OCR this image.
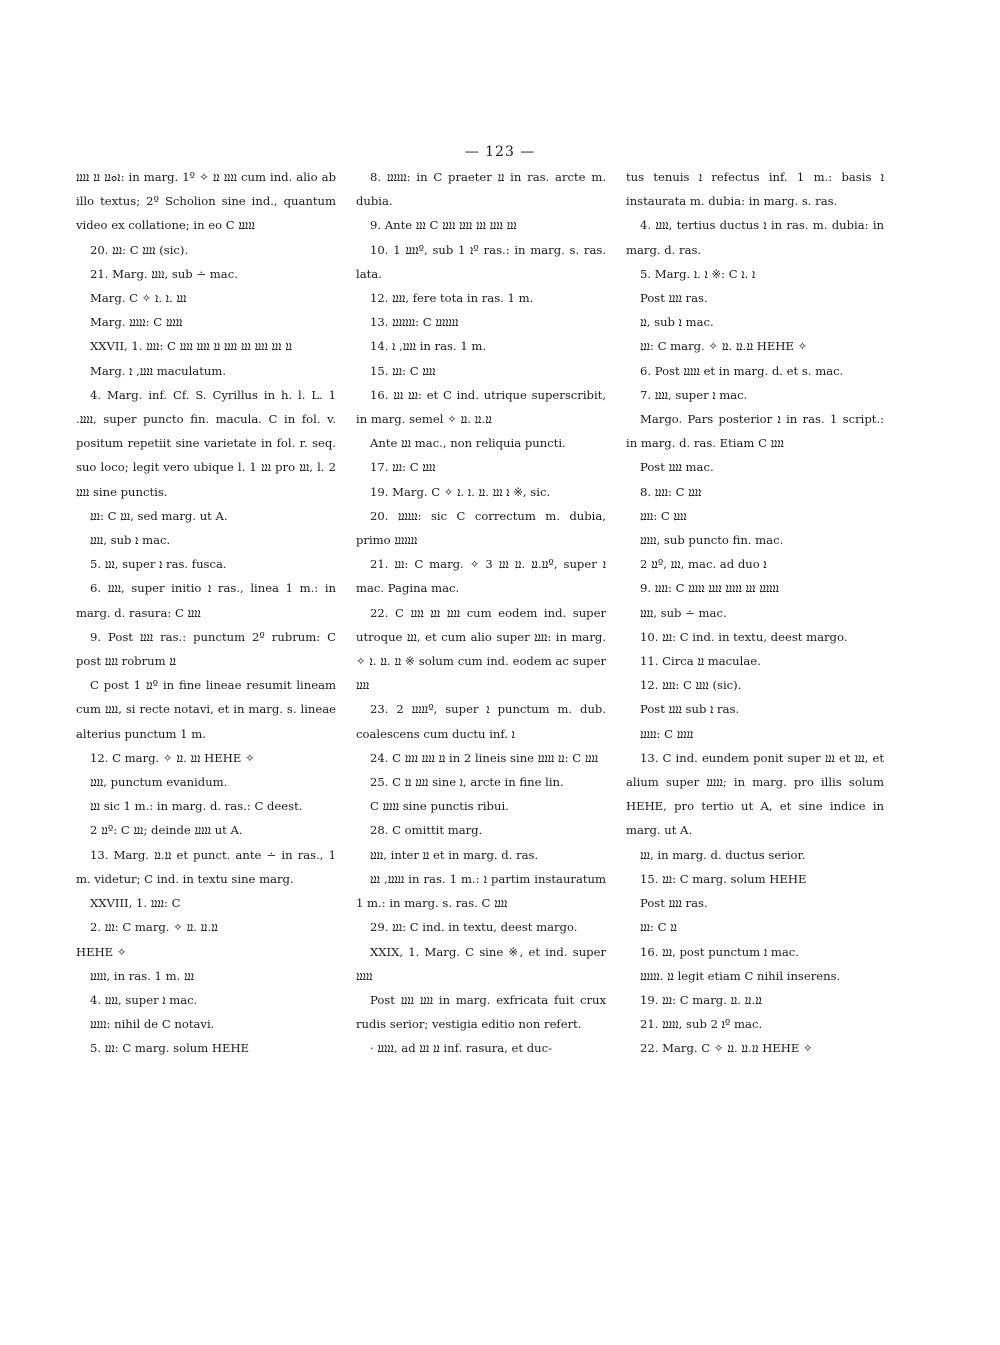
— 123 —

ܐܘܐܐ ܐܐ ܐܐܐܐ: in marg. 1º ✧ ܐܐܐܐ ܐܐ cum ind. alio ab illo textus; 2º Scholion sine ind., quantum video ex collatione; in eo C ܐܐܐܐܐ

20. ܐܐܐ: C ܐܐܐܐ (sic).

21. Marg. ܐܐܐܐ, sub ∸ mac.

Marg. C ✧ ܐܐܐ .ܐ .ܐ

Marg. ܐܐܐܐܐ: C ܐܐܐܐܐ

XXVII, 1. ܐܐܐܐ: C ܐܐ ܐܐܐ ܐܐܐܐ ܐܐܐ ܐܐܐܐ ܐܐ ܐܐܐܐ ܐܐܐܐ

Marg. ܐܐܐܐ, ܐ maculatum.

4. Marg. inf. Cf. S. Cyrillus in h. l. L. 1 .ܐܐܐܐ, super puncto fin. macula. C in fol. v. positum repetiit sine varietate in fol. r. seq. suo loco; legit vero ubique l. 1 ܐܐܐ pro ܐܐܐ, l. 2 ܐܐܐܐ sine punctis.

ܐܐܐ: C ܐܐܐ, sed marg. ut A.

ܐܐܐܐ, sub ܐ mac.

5. ܐܐܐ, super ܐ ras. fusca.

6. ܐܐܐܐ, super initio ܐ ras., linea 1 m.: in marg. d. rasura: C ܐܐܐܐ

9. Post ܐܐܐܐ ras.: punctum 2º rubrum: C post ܐܐܐܐ robrum ܐܐ

C post ܐܐ 1º in fine lineae resumit lineam cum ܐܐܐܐ, si recte notavi, et in marg. s. lineae alterius punctum 1 m.

12. C marg. ✧ ܐܐܐ .ܐܐ HEHE ✧

ܐܐܐܐ, punctum evanidum.

ܐܐܐ sic 1 m.: in marg. d. ras.: C deest.

ܐܐ 2º: C ܐܐܐ; deinde ܐܐܐܐܐ ut A.

13. Marg. ܐܐ.ܐܐ et punct. ante ∸ in ras., 1 m. videtur; C ind. in textu sine marg.

XXVIII, 1. ܐܐܐܐ: C

2. ܐܐܐ: C marg. ✧ ܐܐ.ܐܐ .ܐܐ

HEHE ✧

ܐܐܐܐܐ, in ras. 1 m. ܐܐܐ

4. ܐܐܐܐ, super ܐ mac.

ܐܐܐܐܐ: nihil de C notavi.

5. ܐܐܐ: C marg. solum HEHE

8. ܐܐܐܐܐܐ: in C praeter ܐܐ in ras. arcte m. dubia.

9. Ante ܐܐܐ C ܐܐܐ ܐܐܐܐ ܐܐܐ ܐܐܐܐ ܐܐܐܐ

10. ܐܐܐܐ 1º, sub ܐ 1º ras.: in marg. s. ras. lata.

12. ܐܐܐܐ, fere tota in ras. 1 m.

13. ܐܐܐܐܐܐܐ: C ܐܐܐܐܐܐܐ

14. ܐܐܐܐ, ܐ in ras. 1 m.

15. ܐܐܐ: C ܐܐܐܐ

16. ܐܐܐ ܐܐܐ: et C ind. utrique superscribit, in marg. semel ✧ ܐܐ.ܐܐ .ܐܐ

Ante ܐܐܐ mac., non reliquia puncti.

17. ܐܐܐ: C ܐܐܐܐ

19. Marg. C ✧ ܐ ܐܐܐ .ܐܐ .ܐ .ܐ ※, sic.

20. ܐܐܐܐܐܐ: sic C correctum m. dubia, primo ܐܐܐܐܐܐܐ

21. ܐܐܐ: C marg. ✧ ܐܐ.ܐܐ .ܐܐ ܐܐܐ 3º, super ܐ mac. Pagina mac.

22. C ܐܐܐܐ ܐܐܐ ܐܐܐܐ cum eodem ind. super utroque ܐܐܐ, et cum alio super ܐܐܐܐ: in marg. ✧ ܐܐ .ܐܐ .ܐ ※ solum cum ind. eodem ac super ܐܐܐܐ

23. ܐܐܐܐܐ 2º, super ܐ punctum m. dub. coalescens cum ductu inf. ܐ

24. C ܐܐ ܐܐܐܐ ܐܐܐܐ in 2 lineis sine ܐܐ ܐܐܐܐܐ: C ܐܐܐܐ

25. C ܐܐܐܐ ܐܐ sine ܐ, arcte in fine lin.

C ܐܐܐܐܐ sine punctis ribui.

28. C omittit marg.

ܐܐܐܐ, inter ܐܐ et in marg. d. ras.

ܐܐܐܐܐ, ܐܐܐ in ras. 1 m.: ܐ partim instauratum 1 m.: in marg. s. ras. C ܐܐܐܐ

29. ܐܐܐ: C ind. in textu, deest margo.

XXIX, 1. Marg. C sine ※, et ind. super ܐܐܐܐܐ

Post ܐܐܐܐ ܐܐܐܐ in marg. exfricata fuit crux rudis serior; vestigia editio non refert.

· ܐܐܐܐܐ, ad ܐܐ ܐܐܐ inf. rasura, et duc-

tus tenuis ܐ refectus inf. 1 m.: basis ܐ instaurata m. dubia: in marg. s. ras.

4. ܐܐܐܐ, tertius ductus ܐ in ras. m. dubia: in marg. d. ras.

5. Marg. ܐ .ܐ ※: C ܐ .ܐ

Post ܐܐܐܐ ras.

ܐܐ, sub ܐ mac.

ܐܐܐ: C marg. ✧ ܐܐ.ܐܐ .ܐܐ HEHE ✧

6. Post ܐܐܐܐܐ et in marg. d. et s. mac.

7. ܐܐܐܐ, super ܐ mac.

Margo. Pars posterior ܐ in ras. 1 script.: in marg. d. ras. Etiam C ܐܐܐܐ

Post ܐܐܐܐ mac.

8. ܐܐܐܐ: C ܐܐܐܐ

ܐܐܐܐ: C ܐܐܐܐ

ܐܐܐܐܐ, sub puncto fin. mac.

ܐܐ 2º, ܐܐܐ, mac. ad duo ܐ

9. ܐܐܐܐ: C ܐܐܐܐܐܐ ܐܐܐ ܐܐܐܐܐ ܐܐܐܐ ܐܐܐܐܐ

ܐܐܐܐ, sub ∸ mac.

10. ܐܐܐ: C ind. in textu, deest margo.

11. Circa ܐܐ maculae.

12. ܐܐܐܐ: C ܐܐܐܐ (sic).

Post ܐܐܐܐ sub ܐ ras.

ܐܐܐܐܐ: C ܐܐܐܐܐ

13. C ind. eundem ponit super ܐܐܐ et ܐܐܐ, et alium super ܐܐܐܐܐ; in marg. pro illis solum HEHE, pro tertio ut A, et sine indice in marg. ut A.

ܐܐܐ, in marg. d. ductus serior.

15. ܐܐܐ: C marg. solum HEHE

Post ܐܐܐܐ ras.

ܐܐܐ: C ܐܐ

16. ܐܐܐ, post punctum ܐ mac.

ܐܐ .ܐܐܐܐܐܐ legit etiam C nihil inserens.

19. ܐܐܐ: C marg. ܐܐ.ܐܐ .ܐܐ

21. ܐܐܐܐܐ, sub ܐ 2º mac.

22. Marg. C ✧ ܐܐ.ܐܐ .ܐܐ HEHE ✧
